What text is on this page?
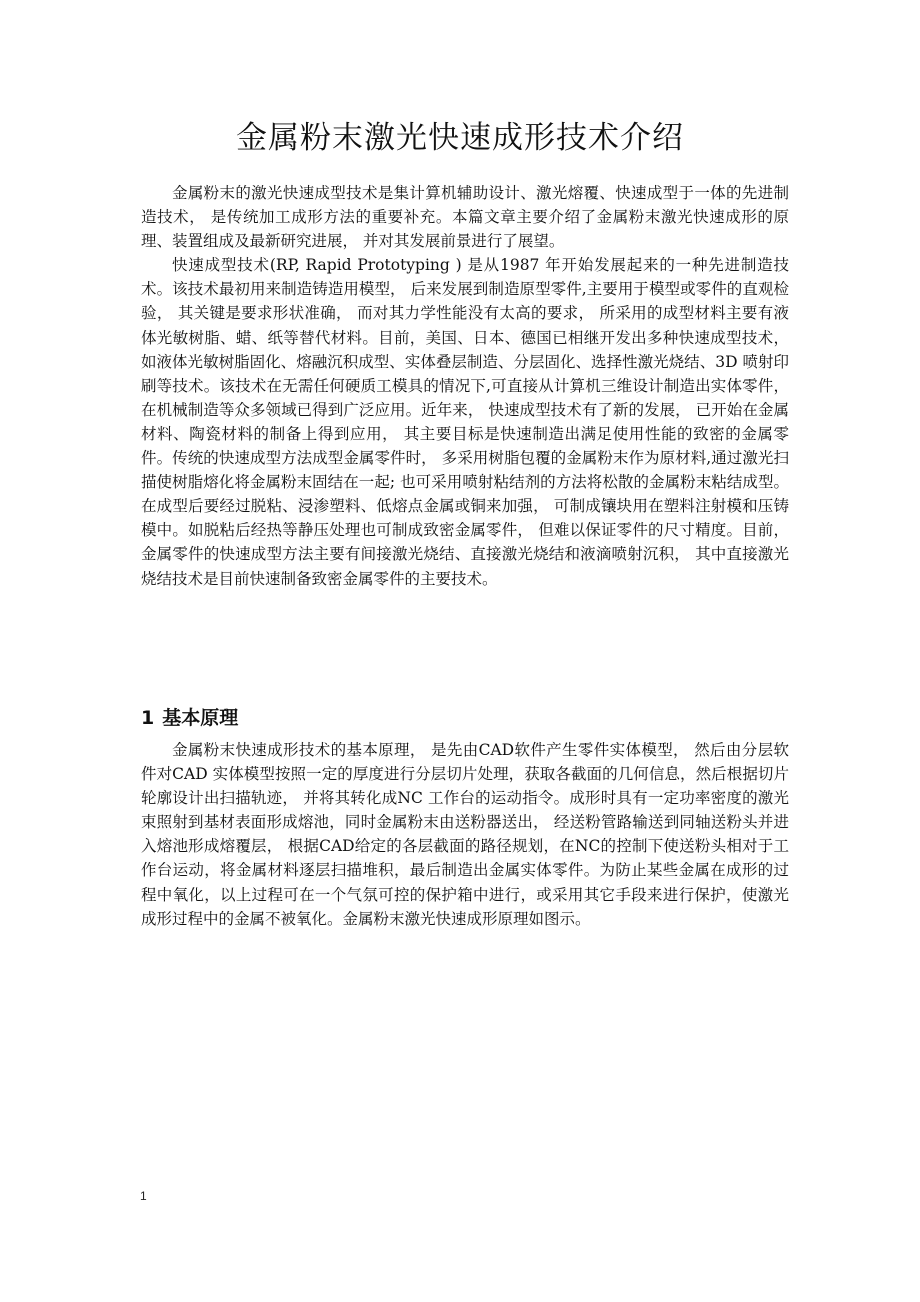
金属粉末激光快速成形技术介绍

金属粉末的激光快速成型技术是集计算机辅助设计、激光熔覆、快速成型于一体的先进制造技术， 是传统加工成形方法的重要补充。本篇文章主要介绍了金属粉末激光快速成形的原理、装置组成及最新研究进展， 并对其发展前景进行了展望。

快速成型技术(RP, Rapid Prototyping ) 是从1987 年开始发展起来的一种先进制造技术。该技术最初用来制造铸造用模型， 后来发展到制造原型零件,主要用于模型或零件的直观检验， 其关键是要求形状准确， 而对其力学性能没有太高的要求， 所采用的成型材料主要有液体光敏树脂、蜡、纸等替代材料。目前，美国、日本、德国已相继开发出多种快速成型技术， 如液体光敏树脂固化、熔融沉积成型、实体叠层制造、分层固化、选择性激光烧结、3D 喷射印刷等技术。该技术在无需任何硬质工模具的情况下,可直接从计算机三维设计制造出实体零件， 在机械制造等众多领域已得到广泛应用。近年来， 快速成型技术有了新的发展， 已开始在金属材料、陶瓷材料的制备上得到应用， 其主要目标是快速制造出满足使用性能的致密的金属零件。传统的快速成型方法成型金属零件时， 多采用树脂包覆的金属粉末作为原材料,通过激光扫描使树脂熔化将金属粉末固结在一起; 也可采用喷射粘结剂的方法将松散的金属粉末粘结成型。在成型后要经过脱粘、浸渗塑料、低熔点金属或铜来加强， 可制成镶块用在塑料注射模和压铸模中。如脱粘后经热等静压处理也可制成致密金属零件， 但难以保证零件的尺寸精度。目前， 金属零件的快速成型方法主要有间接激光烧结、直接激光烧结和液滴喷射沉积， 其中直接激光烧结技术是目前快速制备致密金属零件的主要技术。

1 基本原理

金属粉末快速成形技术的基本原理， 是先由CAD软件产生零件实体模型， 然后由分层软件对CAD 实体模型按照一定的厚度进行分层切片处理，获取各截面的几何信息，然后根据切片轮廓设计出扫描轨迹， 并将其转化成NC 工作台的运动指令。成形时具有一定功率密度的激光束照射到基材表面形成熔池，同时金属粉末由送粉器送出， 经送粉管路输送到同轴送粉头并进入熔池形成熔覆层， 根据CAD给定的各层截面的路径规划，在NC的控制下使送粉头相对于工作台运动，将金属材料逐层扫描堆积，最后制造出金属实体零件。为防止某些金属在成形的过程中氧化，以上过程可在一个气氛可控的保护箱中进行，或采用其它手段来进行保护，使激光成形过程中的金属不被氧化。金属粉末激光快速成形原理如图示。

1
